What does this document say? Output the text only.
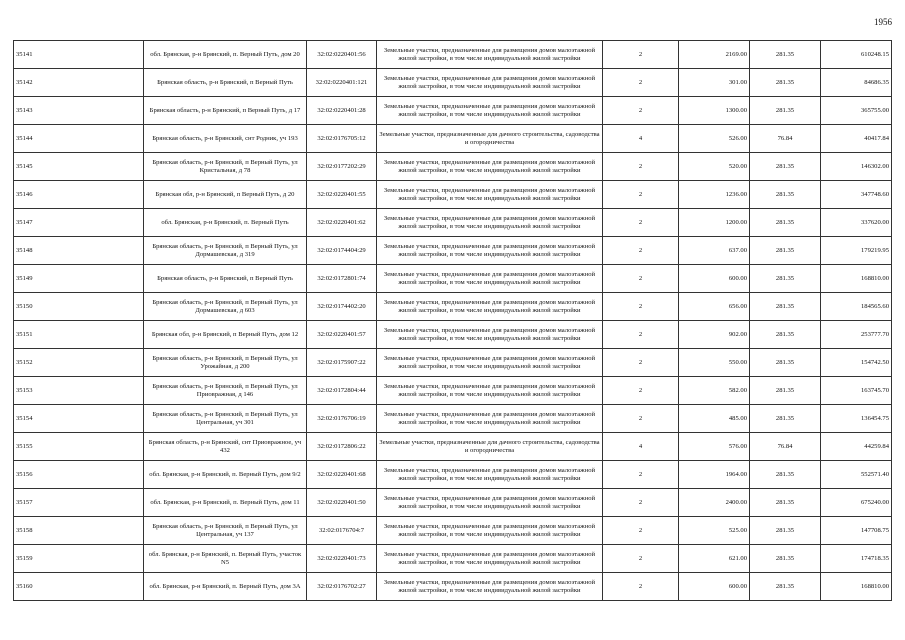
1956
35141	обл. Брянская, р-н Брянский, п. Верный Путь, дом 20	32:02:0220401:56	Земельные участки, предназначенные для размещения домов малоэтажной жилой застройки, в том числе индивидуальной жилой застройки	2	2169.00	281.35	610248.15
35142	Брянская область, р-н Брянский, п Верный Путь	32:02:0220401:121	Земельные участки, предназначенные для размещения домов малоэтажной жилой застройки, в том числе индивидуальной жилой застройки	2	301.00	281.35	84686.35
35143	Брянская область, р-н Брянский, п Верный Путь, д 17	32:02:0220401:28	Земельные участки, предназначенные для размещения домов малоэтажной жилой застройки, в том числе индивидуальной жилой застройки	2	1300.00	281.35	365755.00
35144	Брянская область, р-н Брянский, снт Родник, уч 193	32:02:0176705:12	Земельные участки, предназначенные для дачного строительства, садоводства и огородничества	4	526.00	76.84	40417.84
35145	Брянская область, р-н Брянский, п Верный Путь, ул Кристальная, д 78	32:02:0177202:29	Земельные участки, предназначенные для размещения домов малоэтажной жилой застройки, в том числе индивидуальной жилой застройки	2	520.00	281.35	146302.00
35146	Брянская обл, р-н Брянский, п Верный Путь, д 20	32:02:0220401:55	Земельные участки, предназначенные для размещения домов малоэтажной жилой застройки, в том числе индивидуальной жилой застройки	2	1236.00	281.35	347748.60
35147	обл. Брянская, р-н Брянский, п. Верный Путь	32:02:0220401:62	Земельные участки, предназначенные для размещения домов малоэтажной жилой застройки, в том числе индивидуальной жилой застройки	2	1200.00	281.35	337620.00
35148	Брянская область, р-н Брянский, п Верный Путь, ул Дормашевская, д 319	32:02:0174404:29	Земельные участки, предназначенные для размещения домов малоэтажной жилой застройки, в том числе индивидуальной жилой застройки	2	637.00	281.35	179219.95
35149	Брянская область, р-н Брянский, п Верный Путь	32:02:0172801:74	Земельные участки, предназначенные для размещения домов малоэтажной жилой застройки, в том числе индивидуальной жилой застройки	2	600.00	281.35	168810.00
35150	Брянская область, р-н Брянский, п Верный Путь, ул Дормашевская, д 603	32:02:0174402:20	Земельные участки, предназначенные для размещения домов малоэтажной жилой застройки, в том числе индивидуальной жилой застройки	2	656.00	281.35	184565.60
35151	Брянская обл, р-н Брянский, п Верный Путь, дом 12	32:02:0220401:57	Земельные участки, предназначенные для размещения домов малоэтажной жилой застройки, в том числе индивидуальной жилой застройки	2	902.00	281.35	253777.70
35152	Брянская область, р-н Брянский, п Верный Путь, ул Урожайная, д 200	32:02:0175907:22	Земельные участки, предназначенные для размещения домов малоэтажной жилой застройки, в том числе индивидуальной жилой застройки	2	550.00	281.35	154742.50
35153	Брянская область, р-н Брянский, п Верный Путь, ул Приовражная, д 146	32:02:0172804:44	Земельные участки, предназначенные для размещения домов малоэтажной жилой застройки, в том числе индивидуальной жилой застройки	2	582.00	281.35	163745.70
35154	Брянская область, р-н Брянский, п Верный Путь, ул Центральная, уч 301	32:02:0176706:19	Земельные участки, предназначенные для размещения домов малоэтажной жилой застройки, в том числе индивидуальной жилой застройки	2	485.00	281.35	136454.75
35155	Брянская область, р-н Брянский, снт Приовражное, уч 432	32:02:0172806:22	Земельные участки, предназначенные для дачного строительства, садоводства и огородничества	4	576.00	76.84	44259.84
35156	обл. Брянская, р-н Брянский, п. Верный Путь, дом 9/2	32:02:0220401:68	Земельные участки, предназначенные для размещения домов малоэтажной жилой застройки, в том числе индивидуальной жилой застройки	2	1964.00	281.35	552571.40
35157	обл. Брянская, р-н Брянский, п. Верный Путь, дом 11	32:02:0220401:50	Земельные участки, предназначенные для размещения домов малоэтажной жилой застройки, в том числе индивидуальной жилой застройки	2	2400.00	281.35	675240.00
35158	Брянская область, р-н Брянский, п Верный Путь, ул Центральная, уч 137	32:02:0176704:7	Земельные участки, предназначенные для размещения домов малоэтажной жилой застройки, в том числе индивидуальной жилой застройки	2	525.00	281.35	147708.75
35159	обл. Брянская, р-н Брянский, п. Верный Путь, участок N5	32:02:0220401:73	Земельные участки, предназначенные для размещения домов малоэтажной жилой застройки, в том числе индивидуальной жилой застройки	2	621.00	281.35	174718.35
35160	обл. Брянская, р-н Брянский, п. Верный Путь, дом 3А	32:02:0176702:27	Земельные участки, предназначенные для размещения домов малоэтажной жилой застройки, в том числе индивидуальной жилой застройки	2	600.00	281.35	168810.00
